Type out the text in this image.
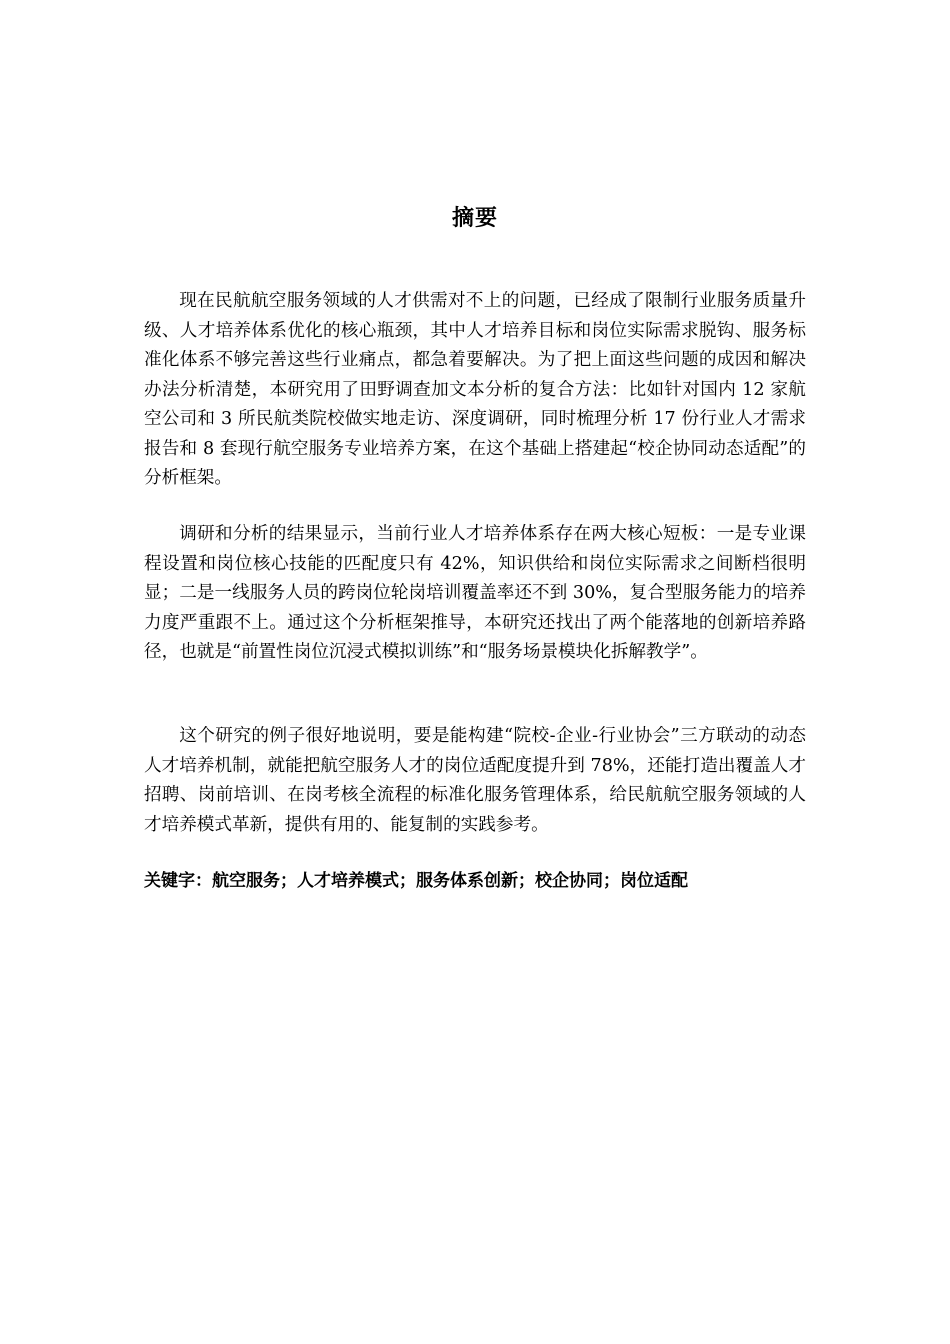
摘要

现在民航航空服务领域的人才供需对不上的问题，已经成了限制行业服务质量升级、人才培养体系优化的核心瓶颈，其中人才培养目标和岗位实际需求脱钩、服务标准化体系不够完善这些行业痛点，都急着要解决。为了把上面这些问题的成因和解决办法分析清楚，本研究用了田野调查加文本分析的复合方法：比如针对国内 12 家航空公司和 3 所民航类院校做实地走访、深度调研，同时梳理分析 17 份行业人才需求报告和 8 套现行航空服务专业培养方案，在这个基础上搭建起“校企协同动态适配”的分析框架。

调研和分析的结果显示，当前行业人才培养体系存在两大核心短板：一是专业课程设置和岗位核心技能的匹配度只有 42%，知识供给和岗位实际需求之间断档很明显；二是一线服务人员的跨岗位轮岗培训覆盖率还不到 30%，复合型服务能力的培养力度严重跟不上。通过这个分析框架推导，本研究还找出了两个能落地的创新培养路径，也就是“前置性岗位沉浸式模拟训练”和“服务场景模块化拆解教学”。

这个研究的例子很好地说明，要是能构建“院校-企业-行业协会”三方联动的动态人才培养机制，就能把航空服务人才的岗位适配度提升到 78%，还能打造出覆盖人才招聘、岗前培训、在岗考核全流程的标准化服务管理体系，给民航航空服务领域的人才培养模式革新，提供有用的、能复制的实践参考。

关键字：航空服务；人才培养模式；服务体系创新；校企协同；岗位适配
